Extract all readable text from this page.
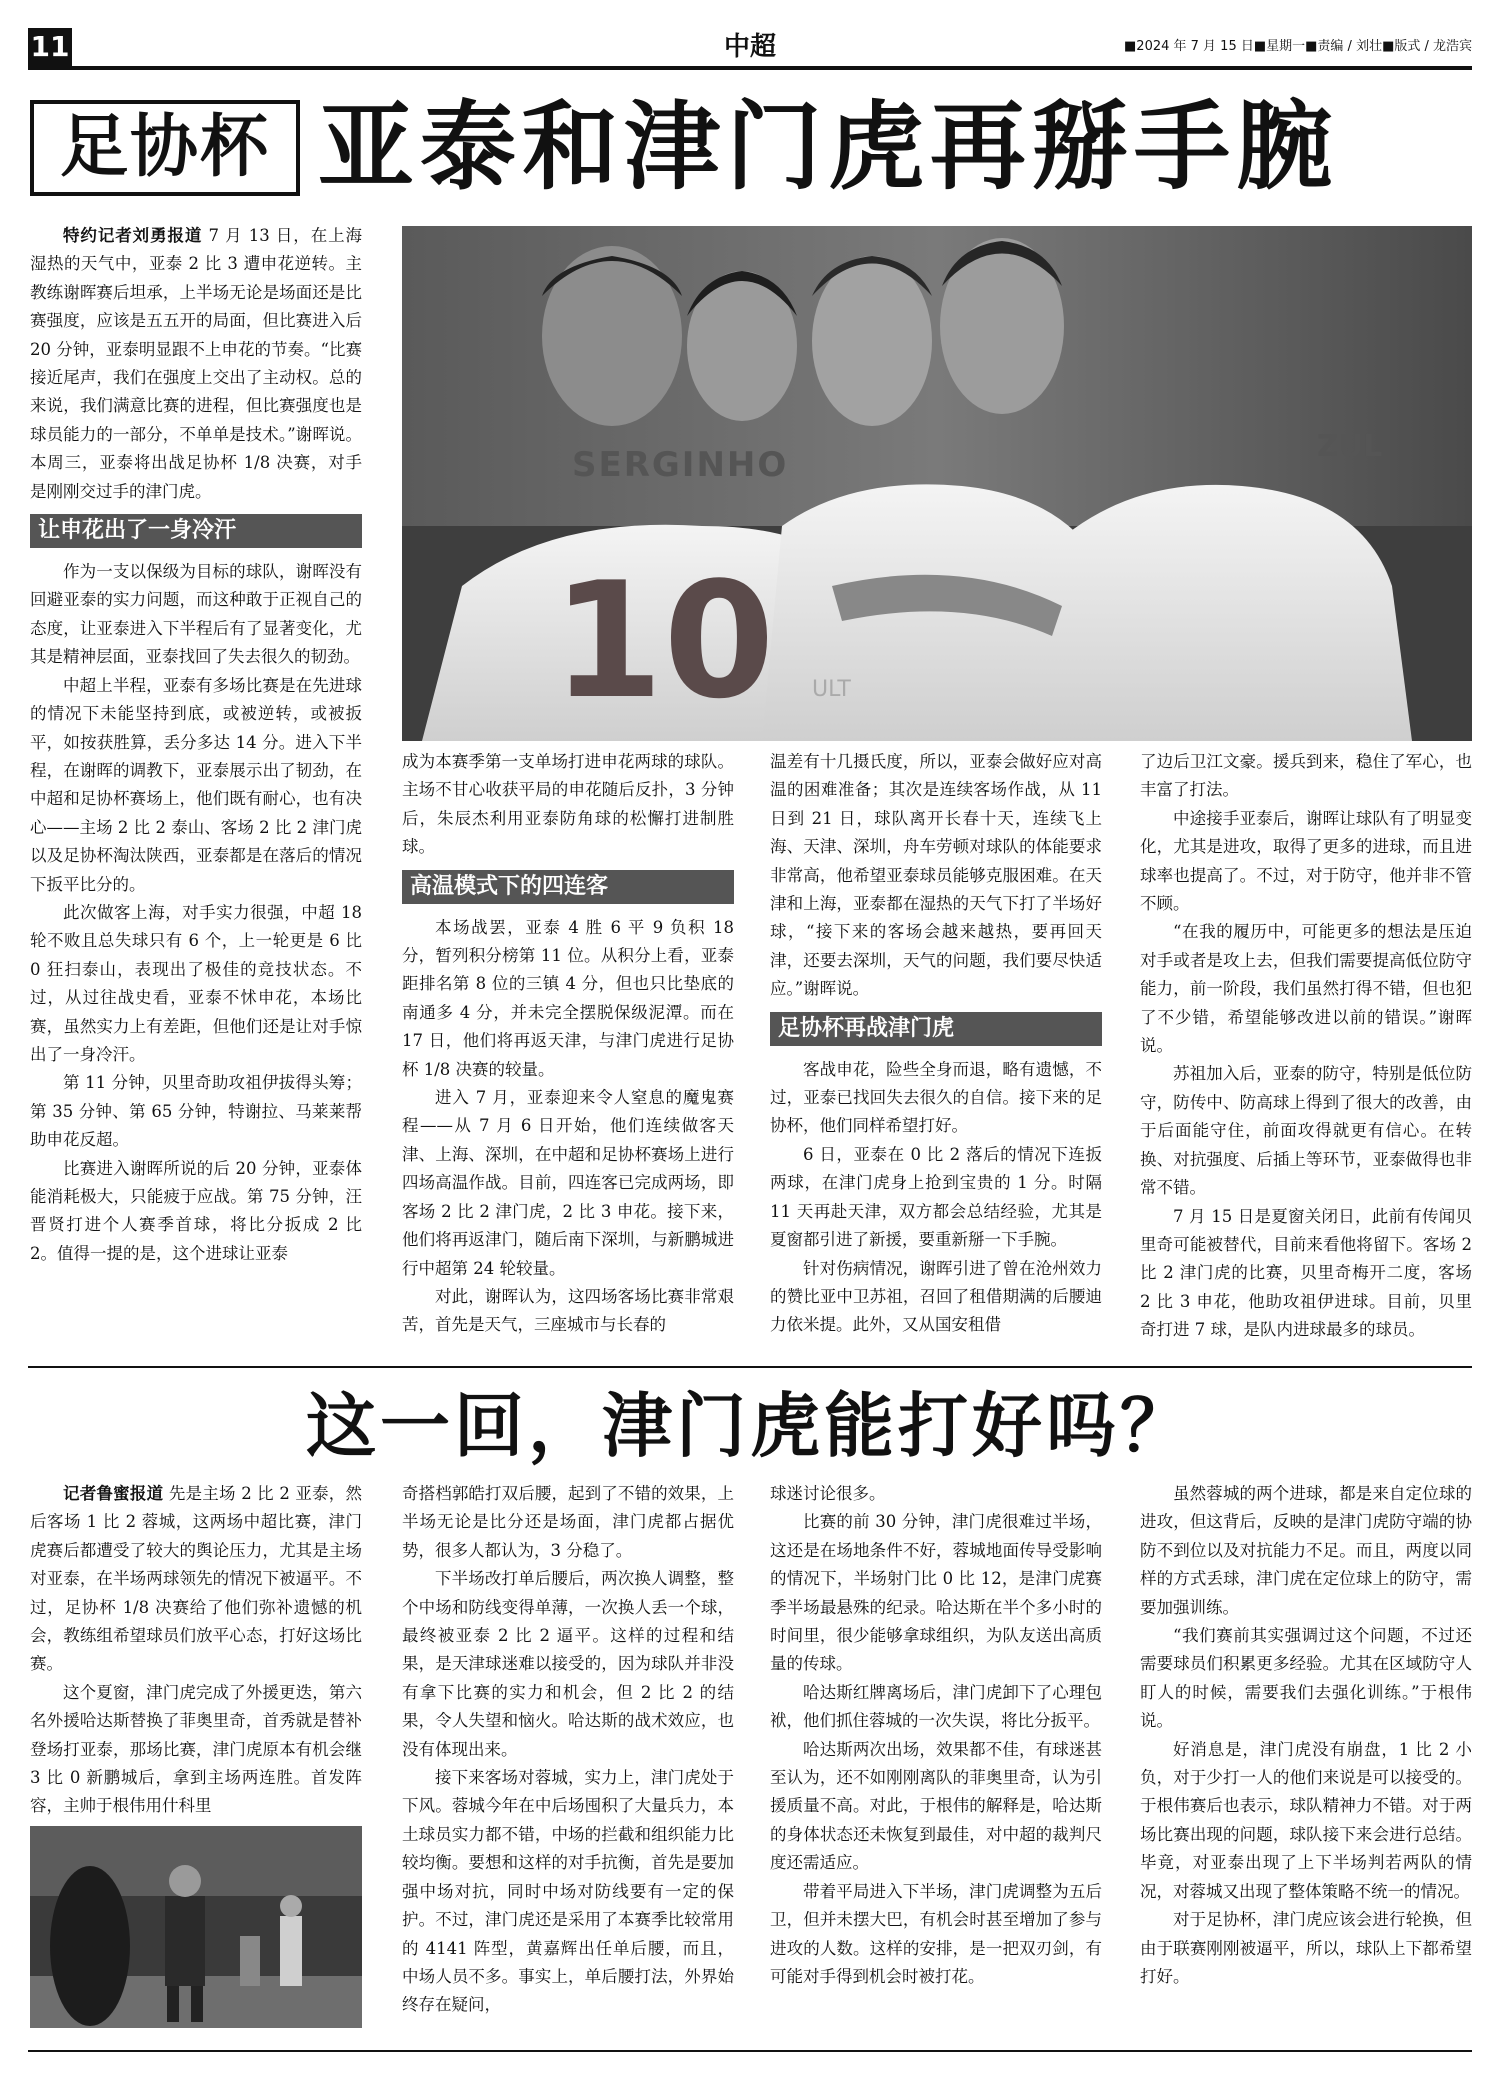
11	中超	■2024 年 7 月 15 日■星期一■责编 / 刘壮■版式 / 龙浩宾
足协杯 亚泰和津门虎再掰手腕

特约记者刘勇报道 7 月 13 日，在上海湿热的天气中，亚泰 2 比 3 遭申花逆转。主教练谢晖赛后坦承，上半场无论是场面还是比赛强度，应该是五五开的局面，但比赛进入后 20 分钟，亚泰明显跟不上申花的节奏。“比赛接近尾声，我们在强度上交出了主动权。总的来说，我们满意比赛的进程，但比赛强度也是球员能力的一部分，不单单是技术。”谢晖说。本周三，亚泰将出战足协杯 1/8 决赛，对手是刚刚交过手的津门虎。

让申花出了一身冷汗

作为一支以保级为目标的球队，谢晖没有回避亚泰的实力问题，而这种敢于正视自己的态度，让亚泰进入下半程后有了显著变化，尤其是精神层面，亚泰找回了失去很久的韧劲。

中超上半程，亚泰有多场比赛是在先进球的情况下未能坚持到底，或被逆转，或被扳平，如按获胜算，丢分多达 14 分。进入下半程，在谢晖的调教下，亚泰展示出了韧劲，在中超和足协杯赛场上，他们既有耐心，也有决心——主场 2 比 2 泰山、客场 2 比 2 津门虎以及足协杯淘汰陕西，亚泰都是在落后的情况下扳平比分的。

此次做客上海，对手实力很强，中超 18 轮不败且总失球只有 6 个，上一轮更是 6 比 0 狂扫泰山，表现出了极佳的竞技状态。不过，从过往战史看，亚泰不怵申花，本场比赛，虽然实力上有差距，但他们还是让对手惊出了一身冷汗。

第 11 分钟，贝里奇助攻祖伊拔得头筹；第 35 分钟、第 65 分钟，特谢拉、马莱莱帮助申花反超。

比赛进入谢晖所说的后 20 分钟，亚泰体能消耗极大，只能疲于应战。第 75 分钟，汪晋贤打进个人赛季首球，将比分扳成 2 比 2。值得一提的是，这个进球让亚泰

SERGINHO
10
ZUL
ULT

成为本赛季第一支单场打进申花两球的球队。主场不甘心收获平局的申花随后反扑，3 分钟后，朱辰杰利用亚泰防角球的松懈打进制胜球。

高温模式下的四连客

本场战罢，亚泰 4 胜 6 平 9 负积 18 分，暂列积分榜第 11 位。从积分上看，亚泰距排名第 8 位的三镇 4 分，但也只比垫底的南通多 4 分，并未完全摆脱保级泥潭。而在 17 日，他们将再返天津，与津门虎进行足协杯 1/8 决赛的较量。

进入 7 月，亚泰迎来令人窒息的魔鬼赛程——从 7 月 6 日开始，他们连续做客天津、上海、深圳，在中超和足协杯赛场上进行四场高温作战。目前，四连客已完成两场，即客场 2 比 2 津门虎，2 比 3 申花。接下来，他们将再返津门，随后南下深圳，与新鹏城进行中超第 24 轮较量。

对此，谢晖认为，这四场客场比赛非常艰苦，首先是天气，三座城市与长春的

温差有十几摄氏度，所以，亚泰会做好应对高温的困难准备；其次是连续客场作战，从 11 日到 21 日，球队离开长春十天，连续飞上海、天津、深圳，舟车劳顿对球队的体能要求非常高，他希望亚泰球员能够克服困难。在天津和上海，亚泰都在湿热的天气下打了半场好球，“接下来的客场会越来越热，要再回天津，还要去深圳，天气的问题，我们要尽快适应。”谢晖说。

足协杯再战津门虎

客战申花，险些全身而退，略有遗憾，不过，亚泰已找回失去很久的自信。接下来的足协杯，他们同样希望打好。

6 日，亚泰在 0 比 2 落后的情况下连扳两球，在津门虎身上抢到宝贵的 1 分。时隔 11 天再赴天津，双方都会总结经验，尤其是夏窗都引进了新援，要重新掰一下手腕。

针对伤病情况，谢晖引进了曾在沧州效力的赞比亚中卫苏祖，召回了租借期满的后腰迪力依米提。此外，又从国安租借

了边后卫江文豪。援兵到来，稳住了军心，也丰富了打法。

中途接手亚泰后，谢晖让球队有了明显变化，尤其是进攻，取得了更多的进球，而且进球率也提高了。不过，对于防守，他并非不管不顾。

“在我的履历中，可能更多的想法是压迫对手或者是攻上去，但我们需要提高低位防守能力，前一阶段，我们虽然打得不错，但也犯了不少错，希望能够改进以前的错误。”谢晖说。

苏祖加入后，亚泰的防守，特别是低位防守，防传中、防高球上得到了很大的改善，由于后面能守住，前面攻得就更有信心。在转换、对抗强度、后插上等环节，亚泰做得也非常不错。

7 月 15 日是夏窗关闭日，此前有传闻贝里奇可能被替代，目前来看他将留下。客场 2 比 2 津门虎的比赛，贝里奇梅开二度，客场 2 比 3 申花，他助攻祖伊进球。目前，贝里奇打进 7 球，是队内进球最多的球员。

这一回，津门虎能打好吗？

记者鲁蜜报道 先是主场 2 比 2 亚泰，然后客场 1 比 2 蓉城，这两场中超比赛，津门虎赛后都遭受了较大的舆论压力，尤其是主场对亚泰，在半场两球领先的情况下被逼平。不过，足协杯 1/8 决赛给了他们弥补遗憾的机会，教练组希望球员们放平心态，打好这场比赛。

这个夏窗，津门虎完成了外援更迭，第六名外援哈达斯替换了菲奥里奇，首秀就是替补登场打亚泰，那场比赛，津门虎原本有机会继 3 比 0 新鹏城后，拿到主场两连胜。首发阵容，主帅于根伟用什科里

奇搭档郭皓打双后腰，起到了不错的效果，上半场无论是比分还是场面，津门虎都占据优势，很多人都认为，3 分稳了。

下半场改打单后腰后，两次换人调整，整个中场和防线变得单薄，一次换人丢一个球，最终被亚泰 2 比 2 逼平。这样的过程和结果，是天津球迷难以接受的，因为球队并非没有拿下比赛的实力和机会，但 2 比 2 的结果，令人失望和恼火。哈达斯的战术效应，也没有体现出来。

接下来客场对蓉城，实力上，津门虎处于下风。蓉城今年在中后场囤积了大量兵力，本土球员实力都不错，中场的拦截和组织能力比较均衡。要想和这样的对手抗衡，首先是要加强中场对抗，同时中场对防线要有一定的保护。不过，津门虎还是采用了本赛季比较常用的 4141 阵型，黄嘉辉出任单后腰，而且，中场人员不多。事实上，单后腰打法，外界始终存在疑问，

球迷讨论很多。

比赛的前 30 分钟，津门虎很难过半场，这还是在场地条件不好，蓉城地面传导受影响的情况下，半场射门比 0 比 12，是津门虎赛季半场最悬殊的纪录。哈达斯在半个多小时的时间里，很少能够拿球组织，为队友送出高质量的传球。

哈达斯红牌离场后，津门虎卸下了心理包袱，他们抓住蓉城的一次失误，将比分扳平。

哈达斯两次出场，效果都不佳，有球迷甚至认为，还不如刚刚离队的菲奥里奇，认为引援质量不高。对此，于根伟的解释是，哈达斯的身体状态还未恢复到最佳，对中超的裁判尺度还需适应。

带着平局进入下半场，津门虎调整为五后卫，但并未摆大巴，有机会时甚至增加了参与进攻的人数。这样的安排，是一把双刃剑，有可能对手得到机会时被打花。

虽然蓉城的两个进球，都是来自定位球的进攻，但这背后，反映的是津门虎防守端的协防不到位以及对抗能力不足。而且，两度以同样的方式丢球，津门虎在定位球上的防守，需要加强训练。

“我们赛前其实强调过这个问题，不过还需要球员们积累更多经验。尤其在区域防守人盯人的时候，需要我们去强化训练。”于根伟说。

好消息是，津门虎没有崩盘，1 比 2 小负，对于少打一人的他们来说是可以接受的。于根伟赛后也表示，球队精神力不错。对于两场比赛出现的问题，球队接下来会进行总结。毕竟，对亚泰出现了上下半场判若两队的情况，对蓉城又出现了整体策略不统一的情况。

对于足协杯，津门虎应该会进行轮换，但由于联赛刚刚被逼平，所以，球队上下都希望打好。
